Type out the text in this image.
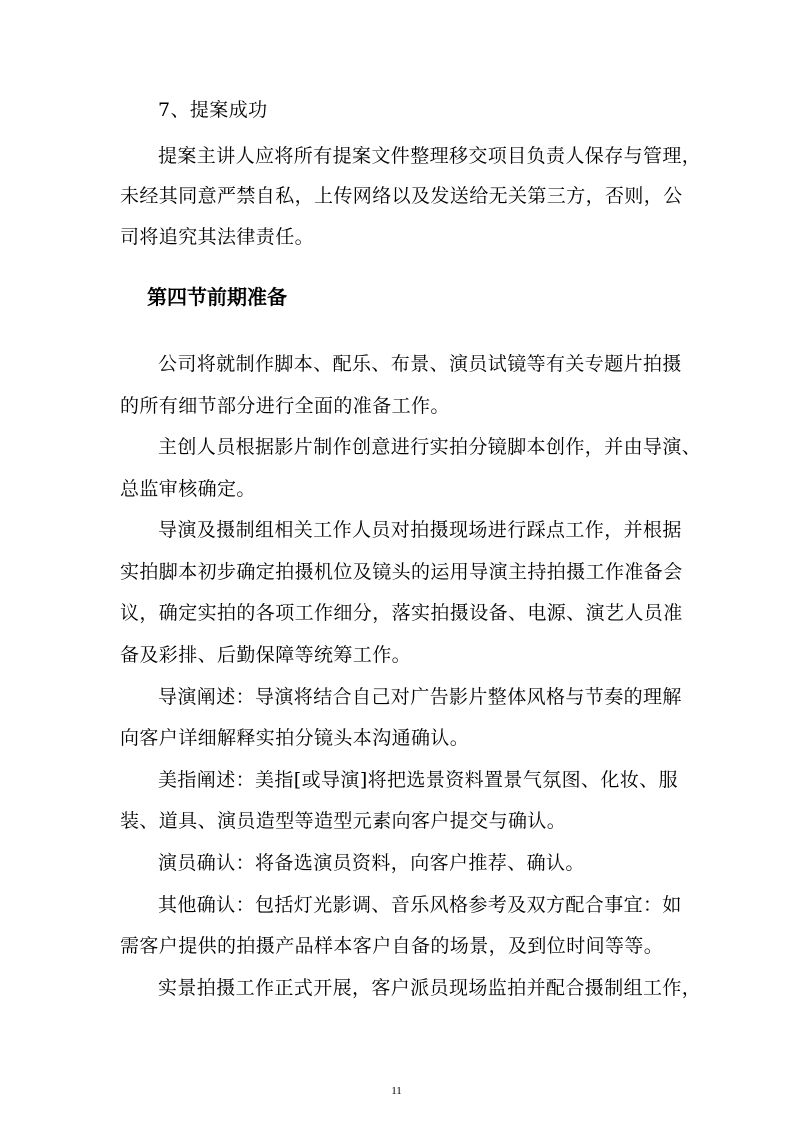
7、提案成功
提案主讲人应将所有提案文件整理移交项目负责人保存与管理，
未经其同意严禁自私，上传网络以及发送给无关第三方，否则，公
司将追究其法律责任。
第四节前期准备
公司将就制作脚本、配乐、布景、演员试镜等有关专题片拍摄
的所有细节部分进行全面的准备工作。
主创人员根据影片制作创意进行实拍分镜脚本创作，并由导演、
总监审核确定。
导演及摄制组相关工作人员对拍摄现场进行踩点工作，并根据
实拍脚本初步确定拍摄机位及镜头的运用导演主持拍摄工作准备会
议，确定实拍的各项工作细分，落实拍摄设备、电源、演艺人员准
备及彩排、后勤保障等统筹工作。
导演阐述：导演将结合自己对广告影片整体风格与节奏的理解
向客户详细解释实拍分镜头本沟通确认。
美指阐述：美指[或导演]将把选景资料置景气氛图、化妆、服
装、道具、演员造型等造型元素向客户提交与确认。
演员确认：将备选演员资料，向客户推荐、确认。
其他确认：包括灯光影调、音乐风格参考及双方配合事宜：如
需客户提供的拍摄产品样本客户自备的场景，及到位时间等等。
实景拍摄工作正式开展，客户派员现场监拍并配合摄制组工作，
11
